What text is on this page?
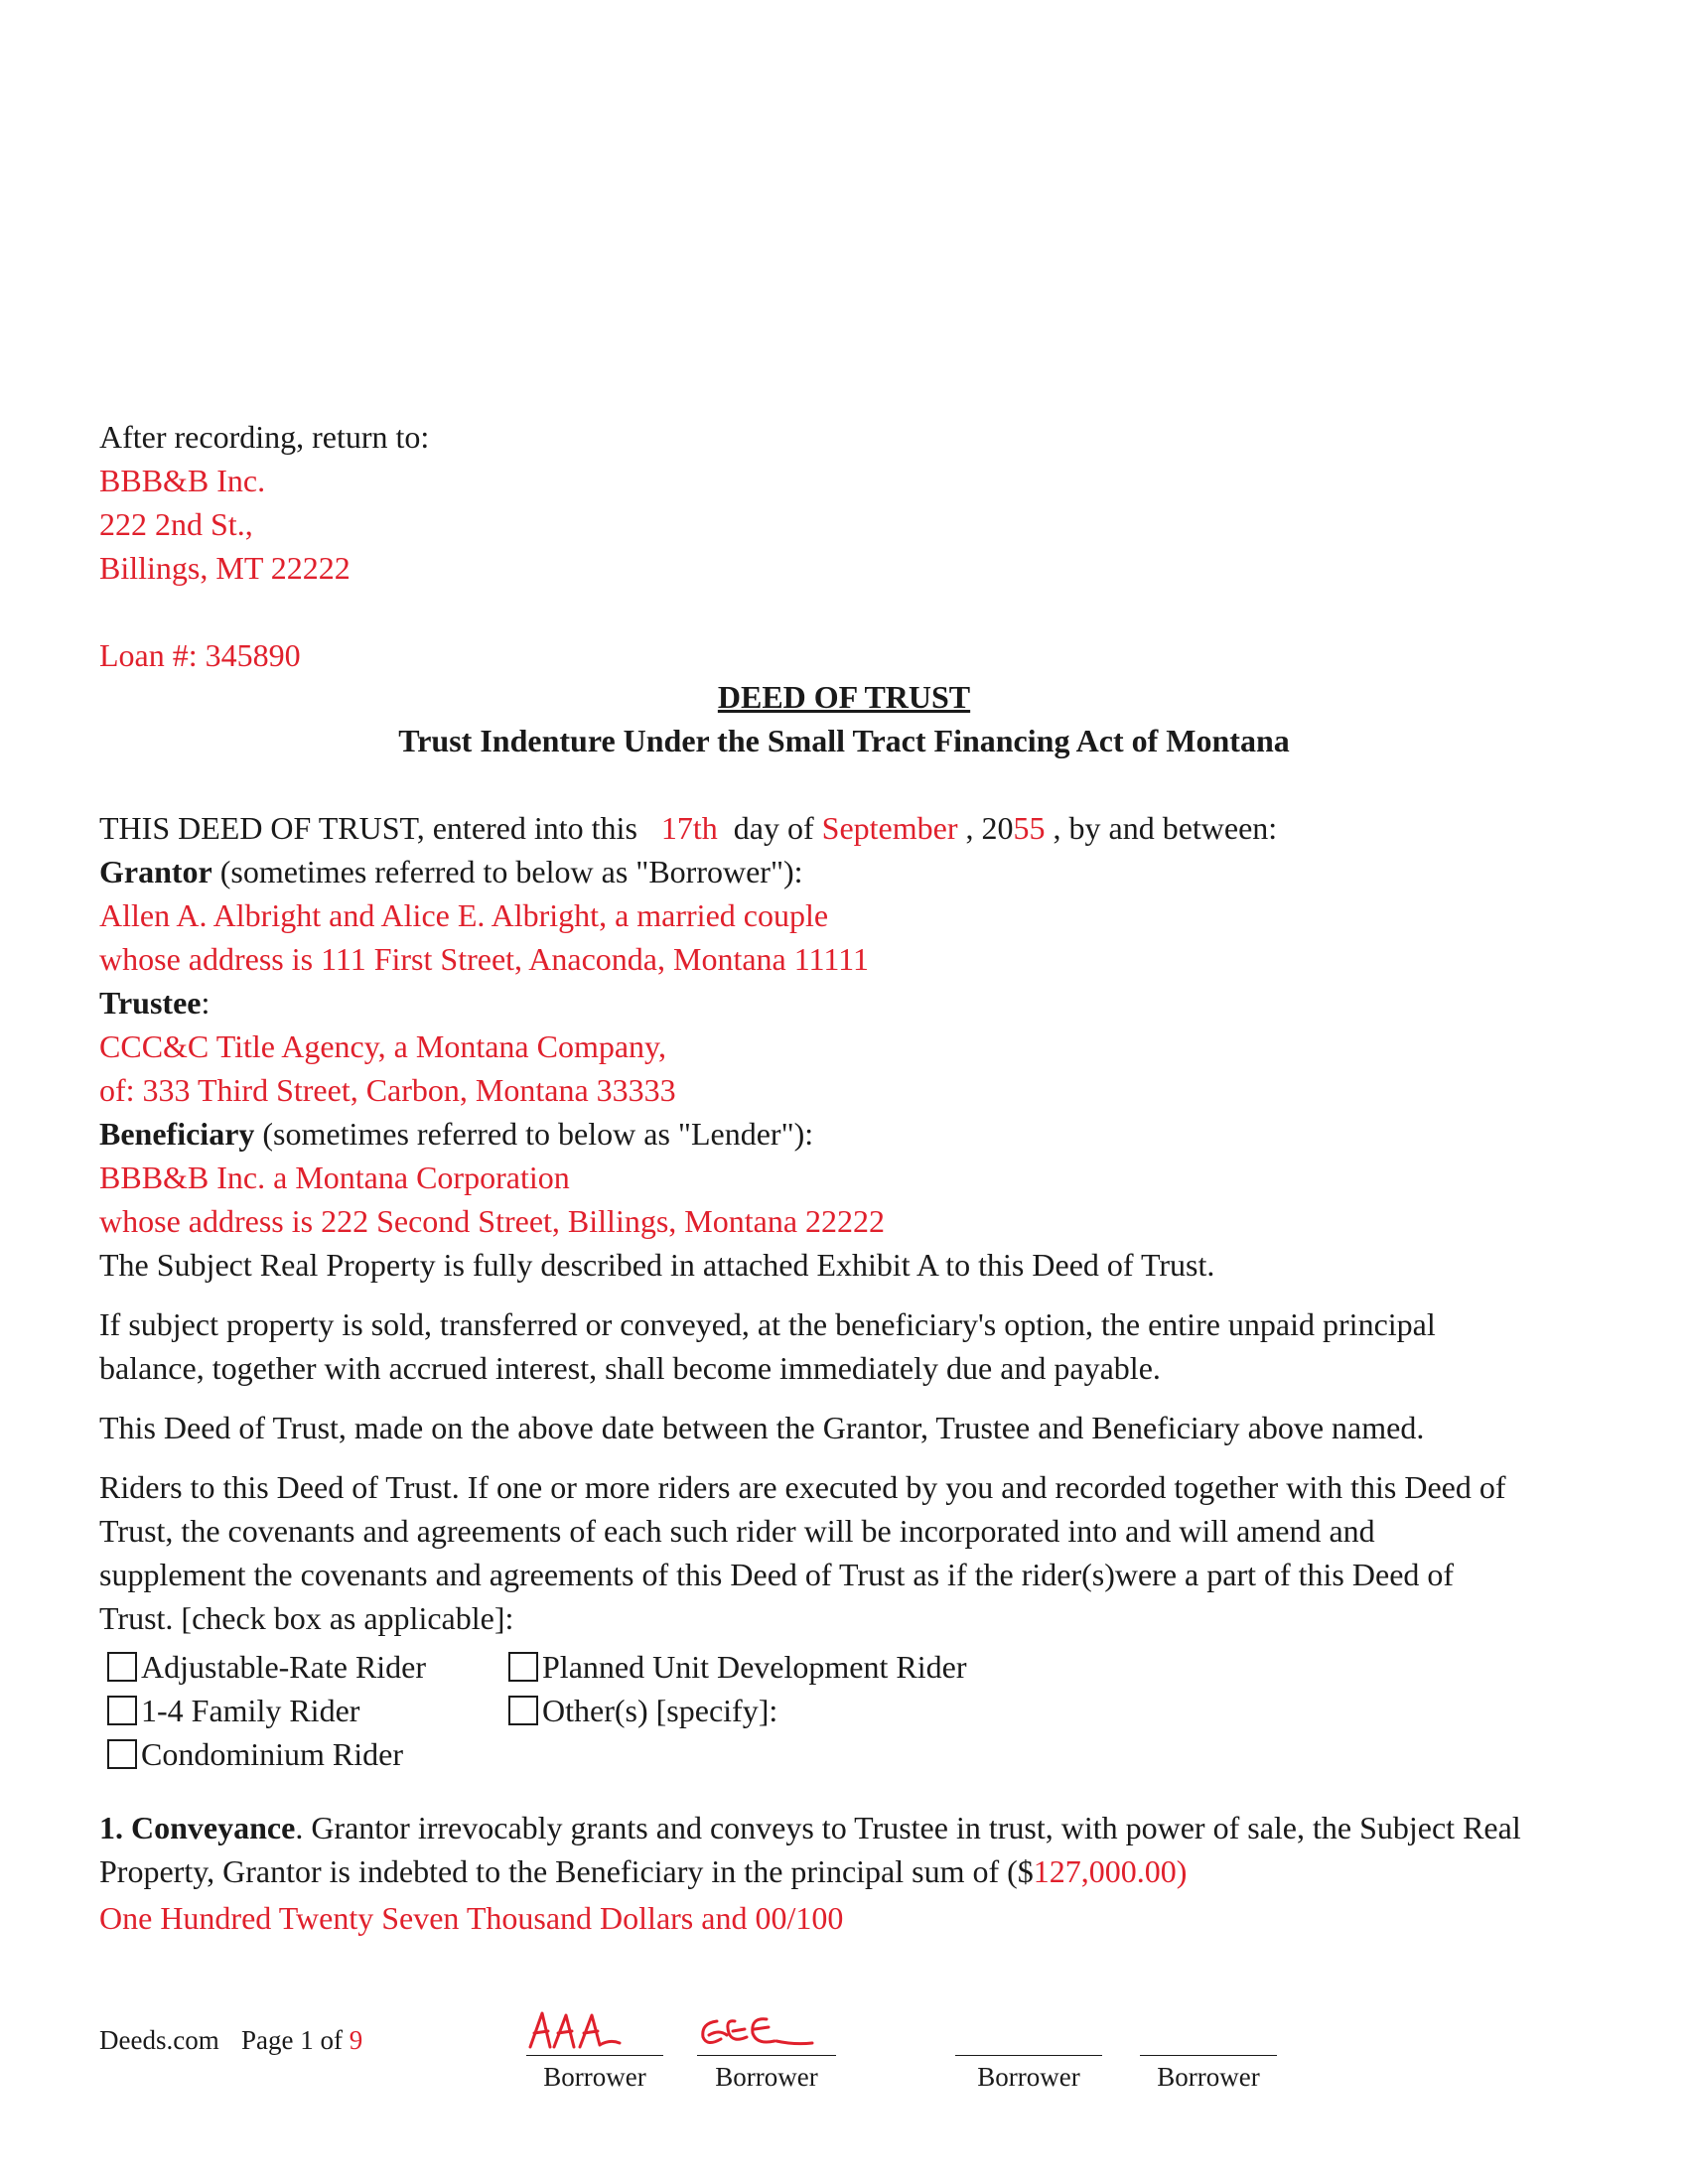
After recording, return to:
BBB&B Inc.
222 2nd St.,
Billings, MT 22222
Loan #: 345890
DEED OF TRUST
Trust Indenture Under the Small Tract Financing Act of Montana
THIS DEED OF TRUST, entered into this 17th day of September , 2055 , by and between:
Grantor (sometimes referred to below as "Borrower"):
Allen A. Albright and Alice E. Albright, a married couple
whose address is 111 First Street, Anaconda, Montana 11111
Trustee:
CCC&C Title Agency, a Montana Company,
of: 333 Third Street, Carbon, Montana 33333
Beneficiary (sometimes referred to below as "Lender"):
BBB&B Inc. a Montana Corporation
whose address is 222 Second Street, Billings, Montana 22222
The Subject Real Property is fully described in attached Exhibit A to this Deed of Trust.
If subject property is sold, transferred or conveyed, at the beneficiary's option, the entire unpaid principal
balance, together with accrued interest, shall become immediately due and payable.
This Deed of Trust, made on the above date between the Grantor, Trustee and Beneficiary above named.
Riders to this Deed of Trust. If one or more riders are executed by you and recorded together with this Deed of
Trust, the covenants and agreements of each such rider will be incorporated into and will amend and
supplement the covenants and agreements of this Deed of Trust as if the rider(s)were a part of this Deed of
Trust. [check box as applicable]:
Adjustable-Rate Rider	Planned Unit Development Rider
1-4 Family Rider	Other(s) [specify]:
Condominium Rider
1. Conveyance. Grantor irrevocably grants and conveys to Trustee in trust, with power of sale, the Subject Real
Property, Grantor is indebted to the Beneficiary in the principal sum of ($127,000.00)
One Hundred Twenty Seven Thousand Dollars and 00/100
Deeds.com Page 1 of 9
Borrower	Borrower	Borrower	Borrower
